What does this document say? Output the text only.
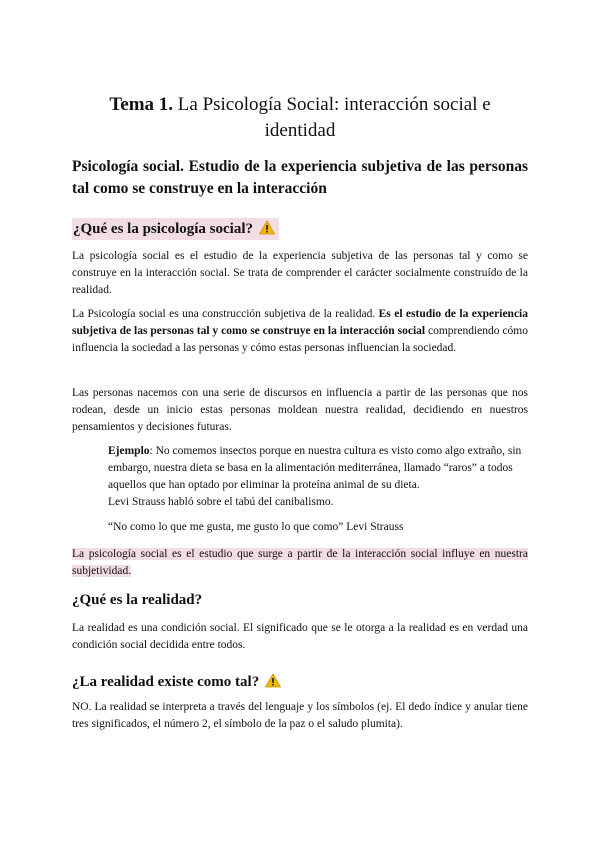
Tema 1. La Psicología Social: interacción social e identidad
Psicología social. Estudio de la experiencia subjetiva de las personas tal como se construye en la interacción
¿Qué es la psicología social?
La psicología social es el estudio de la experiencia subjetiva de las personas tal y como se construye en la interacción social. Se trata de comprender el carácter socialmente construído de la realidad.
La Psicología social es una construcción subjetiva de la realidad. Es el estudio de la experiencia subjetiva de las personas tal y como se construye en la interacción social comprendiendo cómo influencia la sociedad a las personas y cómo estas personas influencian la sociedad.
Las personas nacemos con una serie de discursos en influencia a partir de las personas que nos rodean, desde un inicio estas personas moldean nuestra realidad, decidiendo en nuestros pensamientos y decisiones futuras.
Ejemplo: No comemos insectos porque en nuestra cultura es visto como algo extraño, sin embargo, nuestra dieta se basa en la alimentación mediterránea, llamado “raros” a todos aquellos que han optado por eliminar la proteína animal de su dieta.
Levi Strauss habló sobre el tabú del canibalismo.
“No como lo que me gusta, me gusto lo que como” Levi Strauss
La psicología social es el estudio que surge a partir de la interacción social influye en nuestra subjetividad.
¿Qué es la realidad?
La realidad es una condición social. El significado que se le otorga a la realidad es en verdad una condición social decidida entre todos.
¿La realidad existe como tal?
NO. La realidad se interpreta a través del lenguaje y los símbolos (ej. El dedo índice y anular tiene tres significados, el número 2, el símbolo de la paz o el saludo plumita).
